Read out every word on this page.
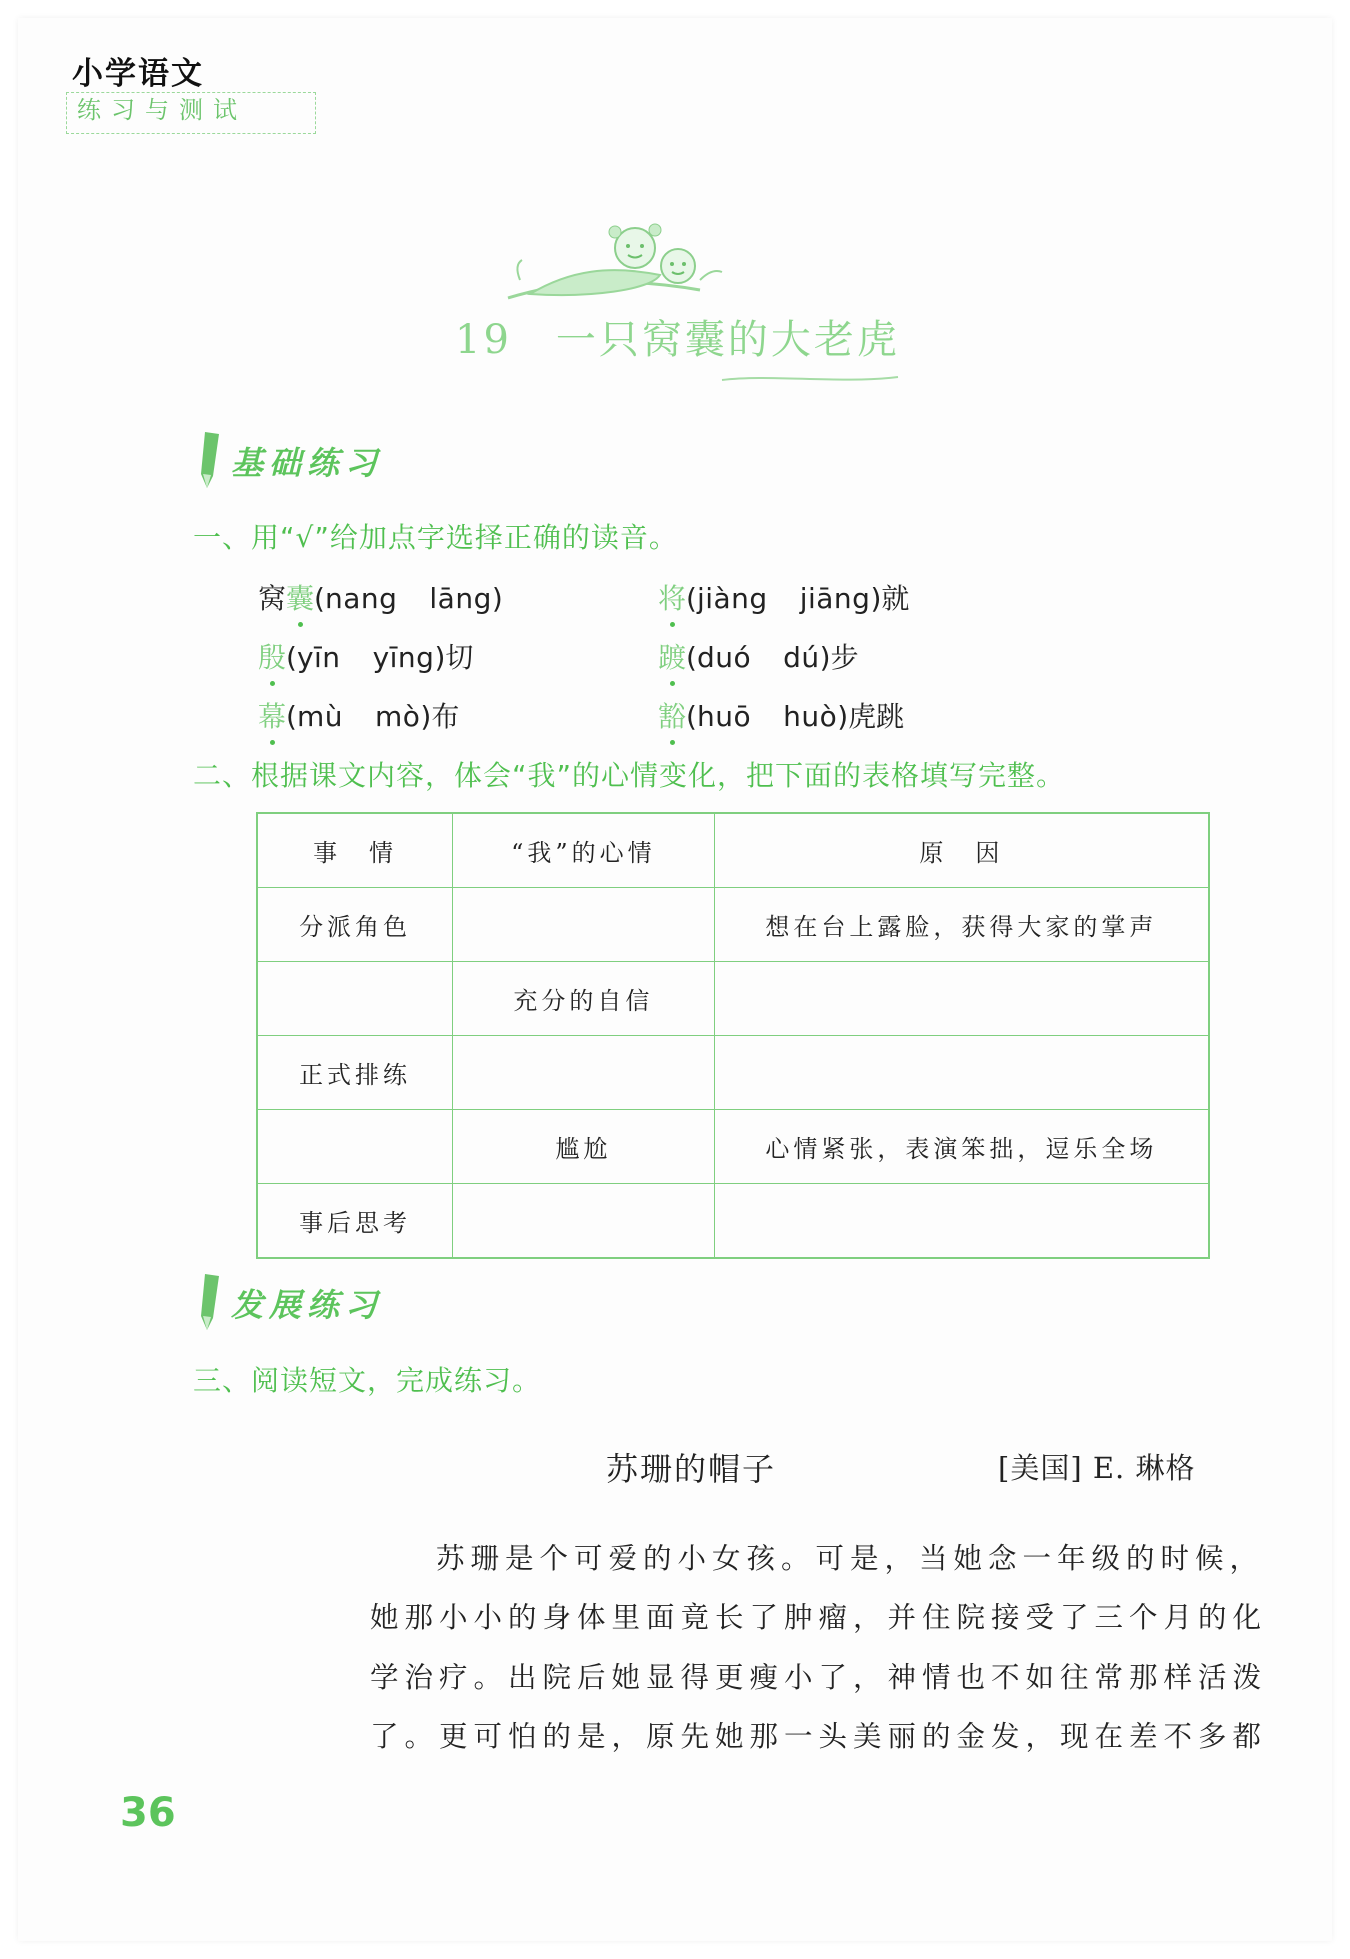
小学语文
练习与测试
19 一只窝囊的大老虎
基础练习
一、用“√”给加点字选择正确的读音。
窝囊(nang lāng)	将(jiàng jiāng)就
殷(yīn yīng)切	踱(duó dú)步
幕(mù mò)布	豁(huō huò)虎跳
二、根据课文内容，体会“我”的心情变化，把下面的表格填写完整。
事　情	“我”的心情	原　因
分派角色		想在台上露脸，获得大家的掌声
	充分的自信	
正式排练		
	尴尬	心情紧张，表演笨拙，逗乐全场
事后思考		
发展练习
三、阅读短文，完成练习。
苏珊的帽子	[美国] E. 琳格
苏珊是个可爱的小女孩。可是，当她念一年级的时候，
她那小小的身体里面竟长了肿瘤，并住院接受了三个月的化
学治疗。出院后她显得更瘦小了，神情也不如往常那样活泼
了。更可怕的是，原先她那一头美丽的金发，现在差不多都
36
